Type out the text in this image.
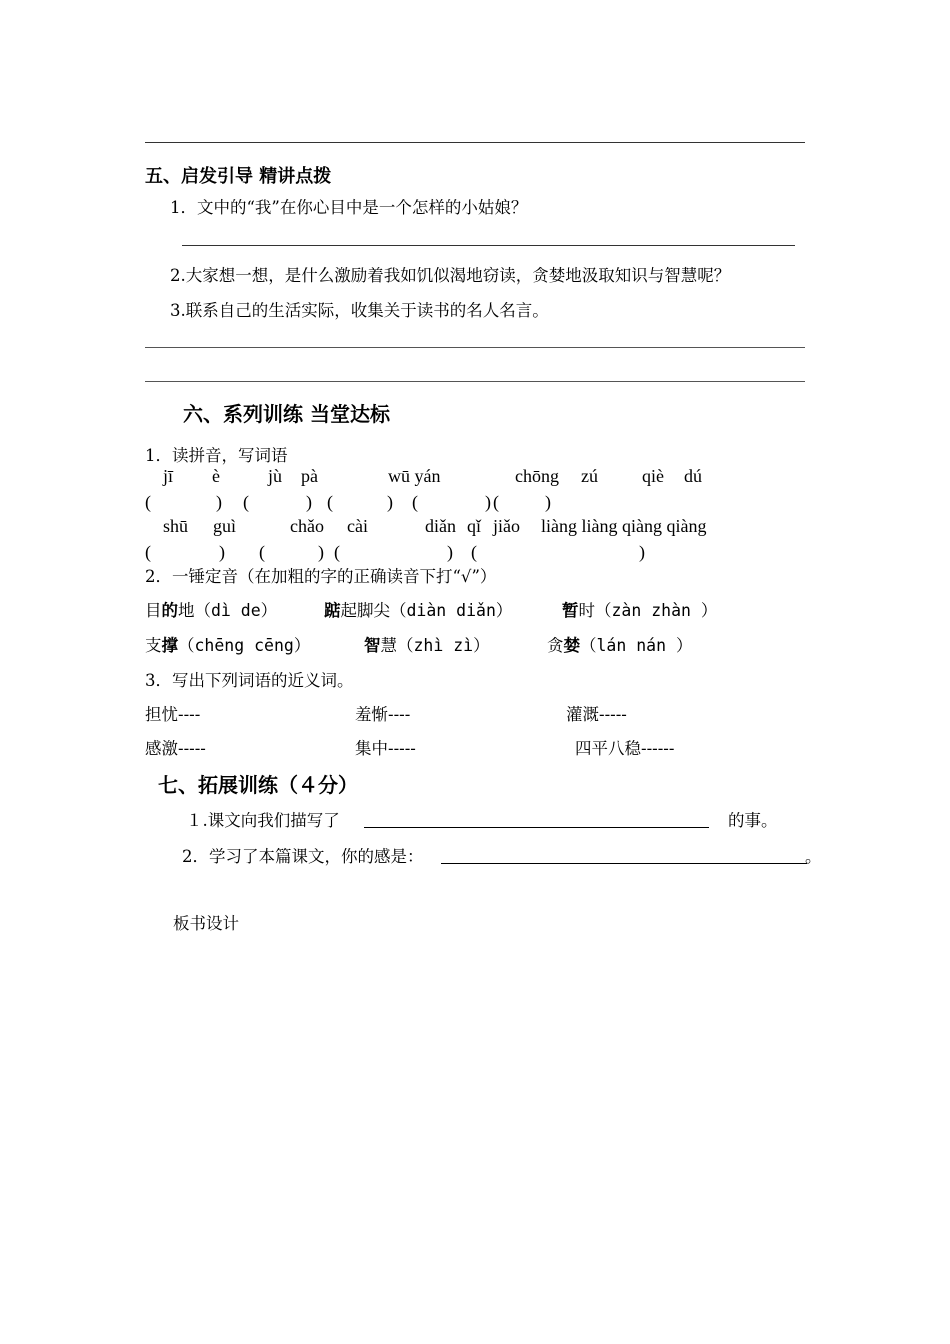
五、启发引导 精讲点拨
1．文中的“我”在你心目中是一个怎样的小姑娘？
2.大家想一想，是什么激励着我如饥似渴地窃读，贪婪地汲取知识与智慧呢？
3.联系自己的生活实际，收集关于读书的名人名言。
六、系列训练 当堂达标
1．读拼音，写词语
jī è	jù pà	wū yán	chōng zú qiè dú
(	) (	) (	) (	) (	)
shū guì	chǎo cài	diǎn qǐ jiǎo liàng liàng qiàng qiàng
(	) (	) (	) (	)
2．一锤定音（在加粗的字的正确读音下打“√”）
目的地（dì de）	踮起脚尖（diàn diǎn）	暂时（zàn zhàn ）
支撑（chēng cēng）	智慧（zhì zì）	贪婪（lán nán ）
3．写出下列词语的近义词。
担忧----	羞惭----	灌溉-----
感激-----	集中-----	四平八稳------
七、拓展训练（４分）
１.课文向我们描写了	的事。
2．学习了本篇课文，你的感是：	。
板书设计
